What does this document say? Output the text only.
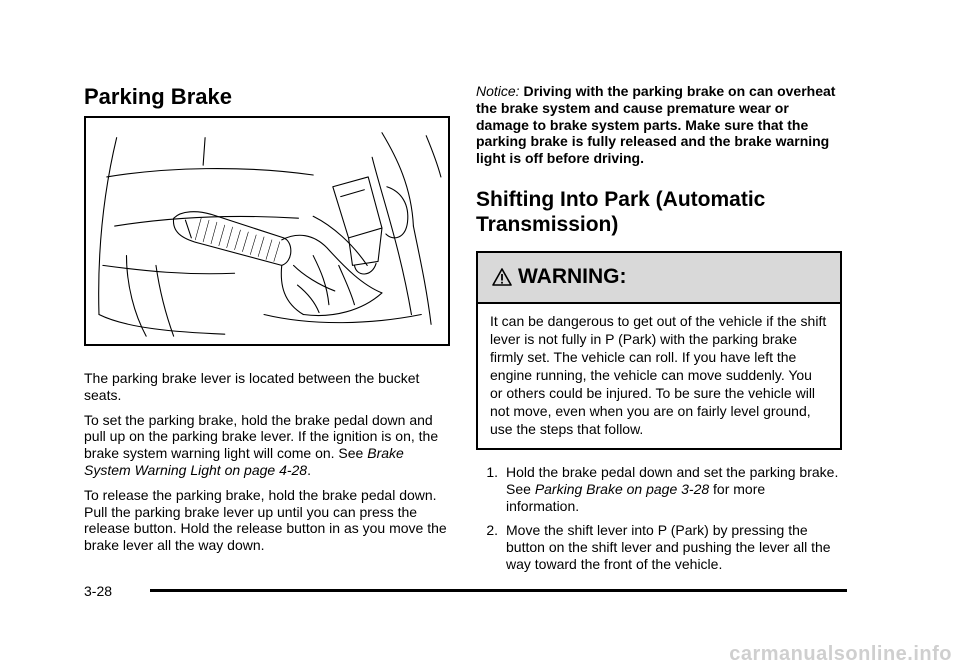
Parking Brake

The parking brake lever is located between the bucket seats.

To set the parking brake, hold the brake pedal down and pull up on the parking brake lever. If the ignition is on, the brake system warning light will come on. See Brake System Warning Light on page 4-28.

To release the parking brake, hold the brake pedal down. Pull the parking brake lever up until you can press the release button. Hold the release button in as you move the brake lever all the way down.

Notice: Driving with the parking brake on can overheat the brake system and cause premature wear or damage to brake system parts. Make sure that the parking brake is fully released and the brake warning light is off before driving.

Shifting Into Park (Automatic Transmission)
WARNING:
It can be dangerous to get out of the vehicle if the shift lever is not fully in P (Park) with the parking brake firmly set. The vehicle can roll. If you have left the engine running, the vehicle can move suddenly. You or others could be injured. To be sure the vehicle will not move, even when you are on fairly level ground, use the steps that follow.
1. Hold the brake pedal down and set the parking brake. See Parking Brake on page 3-28 for more information.
2. Move the shift lever into P (Park) by pressing the button on the shift lever and pushing the lever all the way toward the front of the vehicle.
3-28
carmanualsonline.info
